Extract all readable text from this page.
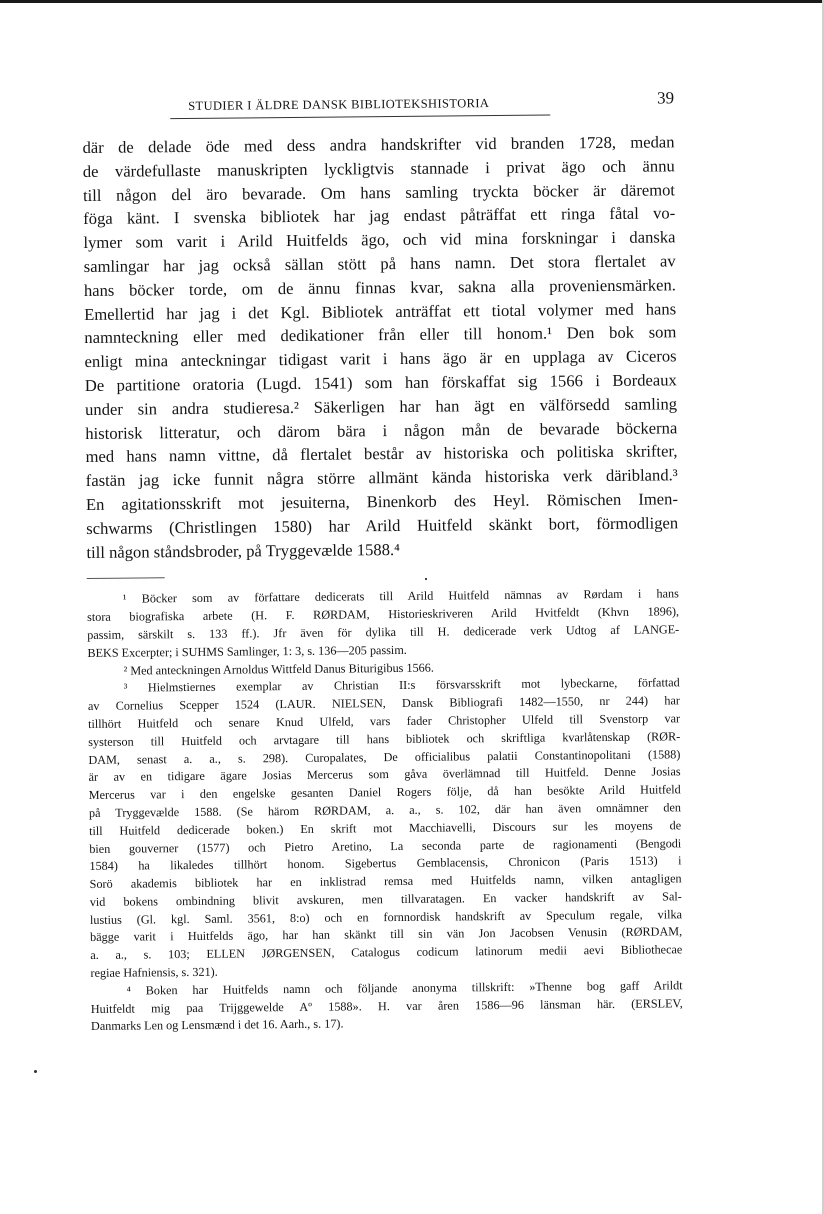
STUDIER I ÄLDRE DANSK BIBLIOTEKSHISTORIA	39

där de delade öde med dess andra handskrifter vid branden 1728, medan
de värdefullaste manuskripten lyckligtvis stannade i privat ägo och ännu
till någon del äro bevarade. Om hans samling tryckta böcker är däremot
föga känt. I svenska bibliotek har jag endast påträffat ett ringa fåtal vo-
lymer som varit i Arild Huitfelds ägo, och vid mina forskningar i danska
samlingar har jag också sällan stött på hans namn. Det stora flertalet av
hans böcker torde, om de ännu finnas kvar, sakna alla proveniensmärken.
Emellertid har jag i det Kgl. Bibliotek anträffat ett tiotal volymer med hans
namnteckning eller med dedikationer från eller till honom.¹ Den bok som
enligt mina anteckningar tidigast varit i hans ägo är en upplaga av Ciceros
De partitione oratoria (Lugd. 1541) som han förskaffat sig 1566 i Bordeaux
under sin andra studieresa.² Säkerligen har han ägt en välförsedd samling
historisk litteratur, och därom bära i någon mån de bevarade böckerna
med hans namn vittne, då flertalet består av historiska och politiska skrifter,
fastän jag icke funnit några större allmänt kända historiska verk däribland.³
En agitationsskrift mot jesuiterna, Binenkorb des Heyl. Römischen Imen-
schwarms (Christlingen 1580) har Arild Huitfeld skänkt bort, förmodligen
till någon ståndsbroder, på Tryggevælde 1588.⁴

¹ Böcker som av författare dedicerats till Arild Huitfeld nämnas av Rørdam i hans
stora biografiska arbete (H. F. RØRDAM, Historieskriveren Arild Hvitfeldt (Khvn 1896),
passim, särskilt s. 133 ff.). Jfr även för dylika till H. dedicerade verk Udtog af LANGE-
BEKS Excerpter; i SUHMS Samlinger, 1: 3, s. 136—205 passim.

² Med anteckningen Arnoldus Wittfeld Danus Biturigibus 1566.

³ Hielmstiernes exemplar av Christian II:s försvarsskrift mot lybeckarne, författad
av Cornelius Scepper 1524 (LAUR. NIELSEN, Dansk Bibliografi 1482—1550, nr 244) har
tillhört Huitfeld och senare Knud Ulfeld, vars fader Christopher Ulfeld till Svenstorp var
systerson till Huitfeld och arvtagare till hans bibliotek och skriftliga kvarlåtenskap (RØR-
DAM, senast a. a., s. 298). Curopalates, De officialibus palatii Constantinopolitani (1588)
är av en tidigare ägare Josias Mercerus som gåva överlämnad till Huitfeld. Denne Josias
Mercerus var i den engelske gesanten Daniel Rogers följe, då han besökte Arild Huitfeld
på Tryggevælde 1588. (Se härom RØRDAM, a. a., s. 102, där han även omnämner den
till Huitfeld dedicerade boken.) En skrift mot Macchiavelli, Discours sur les moyens de
bien gouverner (1577) och Pietro Aretino, La seconda parte de ragionamenti (Bengodi
1584) ha likaledes tillhört honom. Sigebertus Gemblacensis, Chronicon (Paris 1513) i
Sorö akademis bibliotek har en inklistrad remsa med Huitfelds namn, vilken antagligen
vid bokens ombindning blivit avskuren, men tillvaratagen. En vacker handskrift av Sal-
lustius (Gl. kgl. Saml. 3561, 8:o) och en fornnordisk handskrift av Speculum regale, vilka
bägge varit i Huitfelds ägo, har han skänkt till sin vän Jon Jacobsen Venusin (RØRDAM,
a. a., s. 103; ELLEN JØRGENSEN, Catalogus codicum latinorum medii aevi Bibliothecae
regiae Hafniensis, s. 321).

⁴ Boken har Huitfelds namn och följande anonyma tillskrift: »Thenne bog gaff Arildt
Huitfeldt mig paa Trijggewelde Aº 1588». H. var åren 1586—96 länsman här. (ERSLEV,
Danmarks Len og Lensmænd i det 16. Aarh., s. 17).
